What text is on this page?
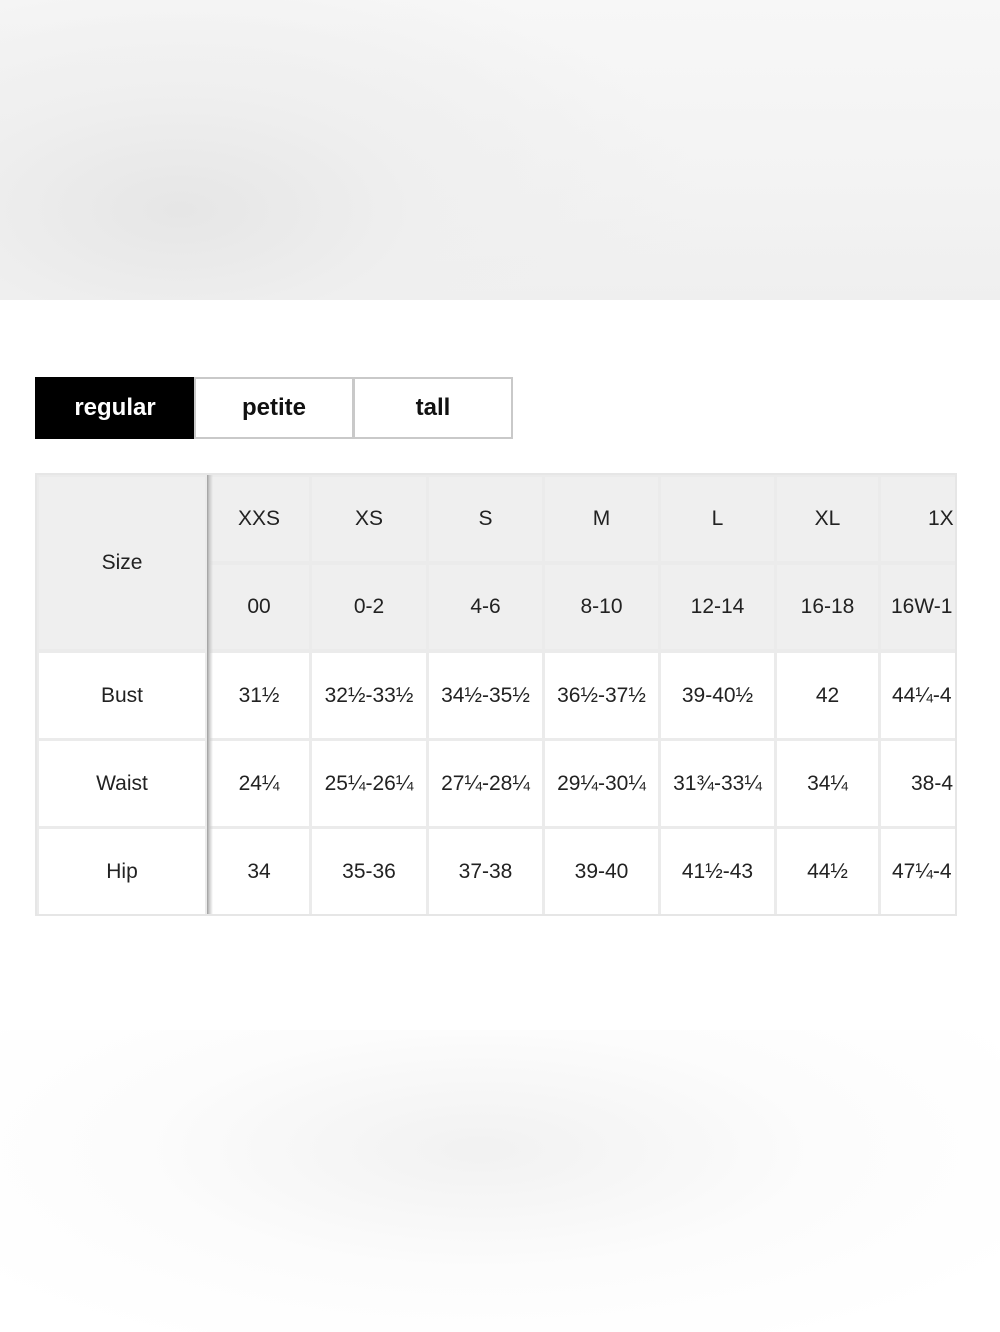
regular	petite	tall
Size
Bust
Waist
Hip
XXS
00
31½
24¼
34
XS
0-2
32½-33½
25¼-26¼
35-36
S
4-6
34½-35½
27¼-28¼
37-38
M
8-10
36½-37½
29¼-30¼
39-40
L
12-14
39-40½
31¾-33¼
41½-43
XL
16-18
42
34¼
44½
1X
16W-1
44¼-4
38-4
47¼-4
